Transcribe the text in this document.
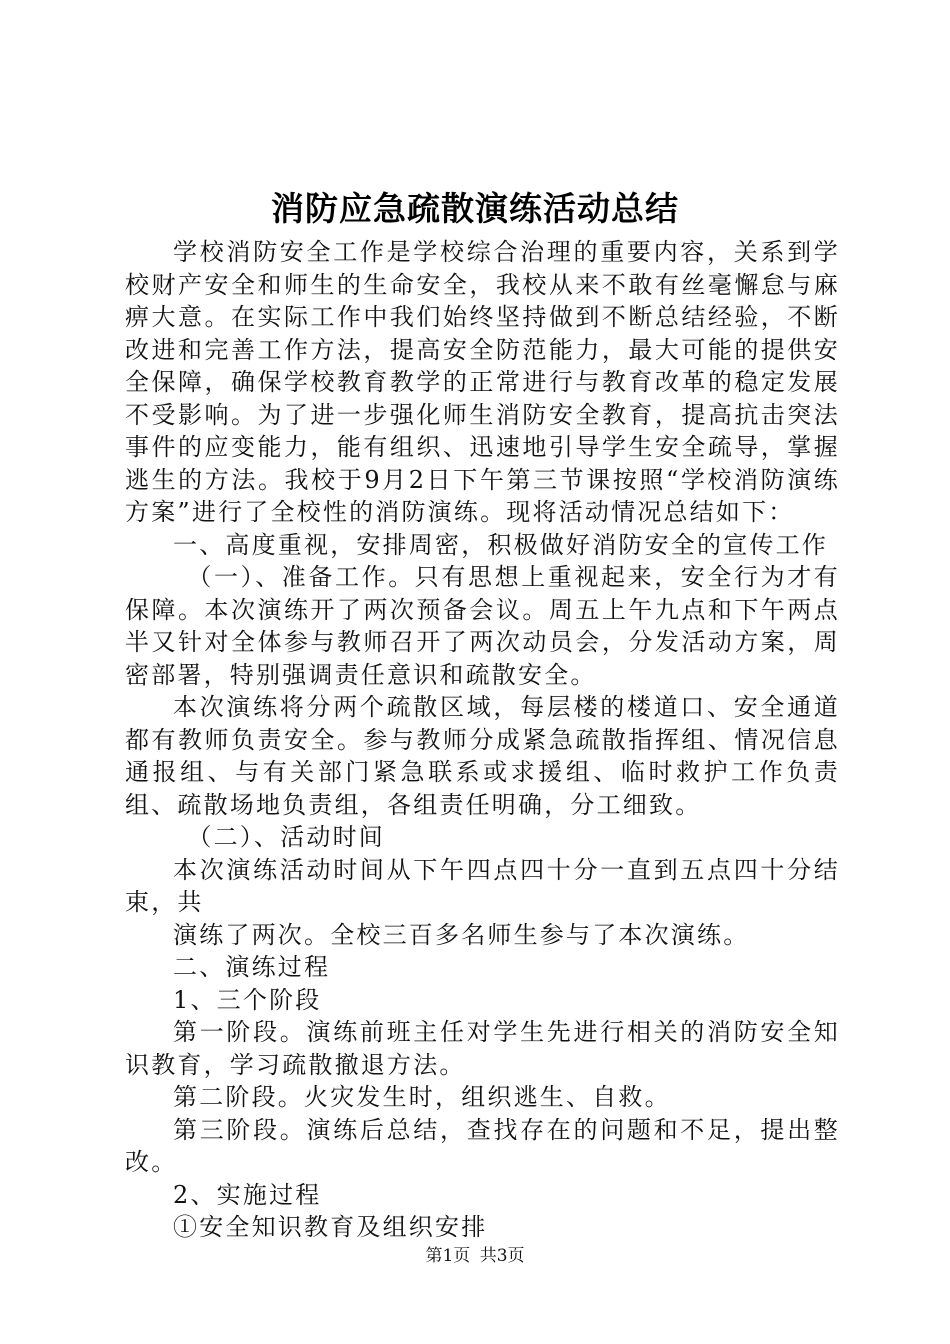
消防应急疏散演练活动总结

学校消防安全工作是学校综合治理的重要内容，关系到学校财产安全和师生的生命安全，我校从来不敢有丝毫懈怠与麻痹大意。在实际工作中我们始终坚持做到不断总结经验，不断改进和完善工作方法，提高安全防范能力，最大可能的提供安全保障，确保学校教育教学的正常进行与教育改革的稳定发展不受影响。为了进一步强化师生消防安全教育，提高抗击突法事件的应变能力，能有组织、迅速地引导学生安全疏导，掌握逃生的方法。我校于9月2日下午第三节课按照“学校消防演练方案”进行了全校性的消防演练。现将活动情况总结如下：

一、高度重视，安排周密，积极做好消防安全的宣传工作

（一）、准备工作。只有思想上重视起来，安全行为才有保障。本次演练开了两次预备会议。周五上午九点和下午两点半又针对全体参与教师召开了两次动员会，分发活动方案，周密部署，特别强调责任意识和疏散安全。

本次演练将分两个疏散区域，每层楼的楼道口、安全通道都有教师负责安全。参与教师分成紧急疏散指挥组、情况信息通报组、与有关部门紧急联系或求援组、临时救护工作负责组、疏散场地负责组，各组责任明确，分工细致。

（二）、活动时间

本次演练活动时间从下午四点四十分一直到五点四十分结束，共

演练了两次。全校三百多名师生参与了本次演练。

二、演练过程

1、三个阶段

第一阶段。演练前班主任对学生先进行相关的消防安全知识教育，学习疏散撤退方法。

第二阶段。火灾发生时，组织逃生、自救。

第三阶段。演练后总结，查找存在的问题和不足，提出整改。

2、实施过程

①安全知识教育及组织安排

第1页 共3页
